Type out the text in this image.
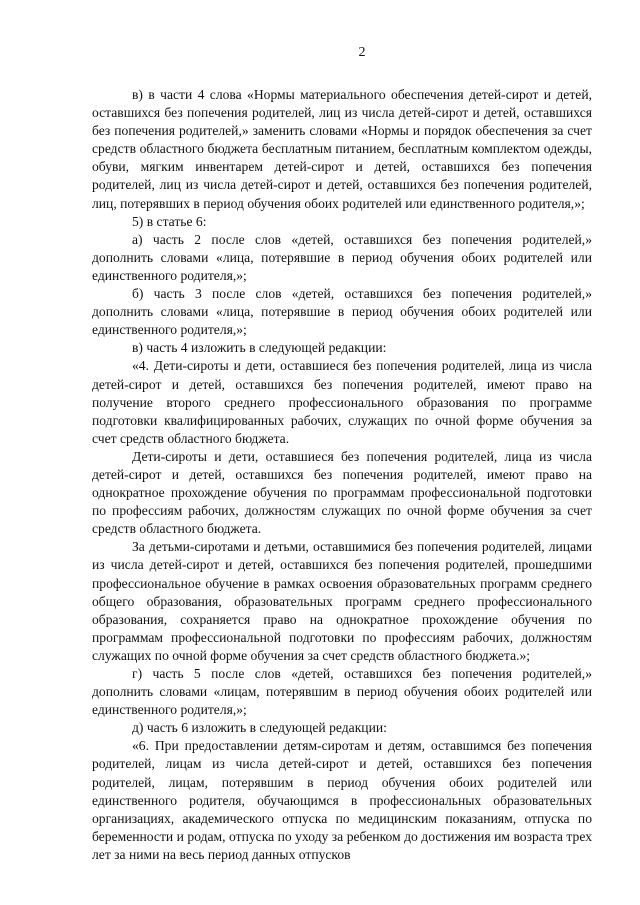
2

в) в части 4 слова «Нормы материального обеспечения детей-сирот и детей, оставшихся без попечения родителей, лиц из числа детей-сирот и детей, оставшихся без попечения родителей,» заменить словами «Нормы и порядок обеспечения за счет средств областного бюджета бесплатным питанием, бесплатным комплектом одежды, обуви, мягким инвентарем детей-сирот и детей, оставшихся без попечения родителей, лиц из числа детей-сирот и детей, оставшихся без попечения родителей, лиц, потерявших в период обучения обоих родителей или единственного родителя,»;

5) в статье 6:

а) часть 2 после слов «детей, оставшихся без попечения родителей,» дополнить словами «лица, потерявшие в период обучения обоих родителей или единственного родителя,»;

б) часть 3 после слов «детей, оставшихся без попечения родителей,» дополнить словами «лица, потерявшие в период обучения обоих родителей или единственного родителя,»;

в) часть 4 изложить в следующей редакции:

«4. Дети-сироты и дети, оставшиеся без попечения родителей, лица из числа детей-сирот и детей, оставшихся без попечения родителей, имеют право на получение второго среднего профессионального образования по программе подготовки квалифицированных рабочих, служащих по очной форме обучения за счет средств областного бюджета.

Дети-сироты и дети, оставшиеся без попечения родителей, лица из числа детей-сирот и детей, оставшихся без попечения родителей, имеют право на однократное прохождение обучения по программам профессиональной подготовки по профессиям рабочих, должностям служащих по очной форме обучения за счет средств областного бюджета.

За детьми-сиротами и детьми, оставшимися без попечения родителей, лицами из числа детей-сирот и детей, оставшихся без попечения родителей, прошедшими профессиональное обучение в рамках освоения образовательных программ среднего общего образования, образовательных программ среднего профессионального образования, сохраняется право на однократное прохождение обучения по программам профессиональной подготовки по профессиям рабочих, должностям служащих по очной форме обучения за счет средств областного бюджета.»;

г) часть 5 после слов «детей, оставшихся без попечения родителей,» дополнить словами «лицам, потерявшим в период обучения обоих родителей или единственного родителя,»;

д) часть 6 изложить в следующей редакции:

«6. При предоставлении детям-сиротам и детям, оставшимся без попечения родителей, лицам из числа детей-сирот и детей, оставшихся без попечения родителей, лицам, потерявшим в период обучения обоих родителей или единственного родителя, обучающимся в профессиональных образовательных организациях, академического отпуска по медицинским показаниям, отпуска по беременности и родам, отпуска по уходу за ребенком до достижения им возраста трех лет за ними на весь период данных отпусков
